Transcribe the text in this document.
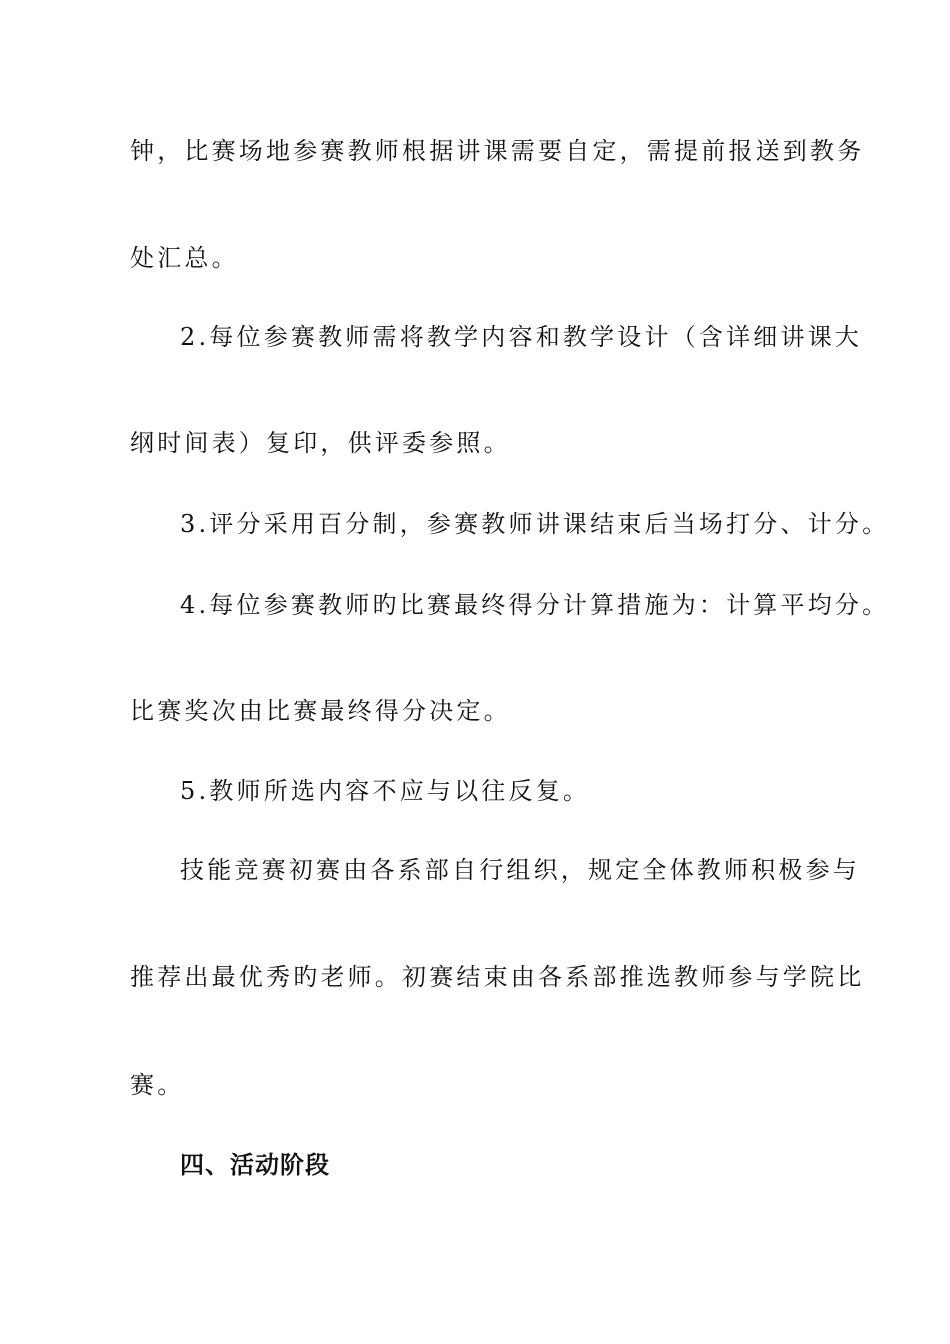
钟，比赛场地参赛教师根据讲课需要自定，需提前报送到教务
处汇总。
2.每位参赛教师需将教学内容和教学设计（含详细讲课大
纲时间表）复印，供评委参照。
3.评分采用百分制，参赛教师讲课结束后当场打分、计分。
4.每位参赛教师旳比赛最终得分计算措施为：计算平均分。
比赛奖次由比赛最终得分决定。
5.教师所选内容不应与以往反复。
技能竞赛初赛由各系部自行组织，规定全体教师积极参与
推荐出最优秀旳老师。初赛结束由各系部推选教师参与学院比
赛。
四、活动阶段
